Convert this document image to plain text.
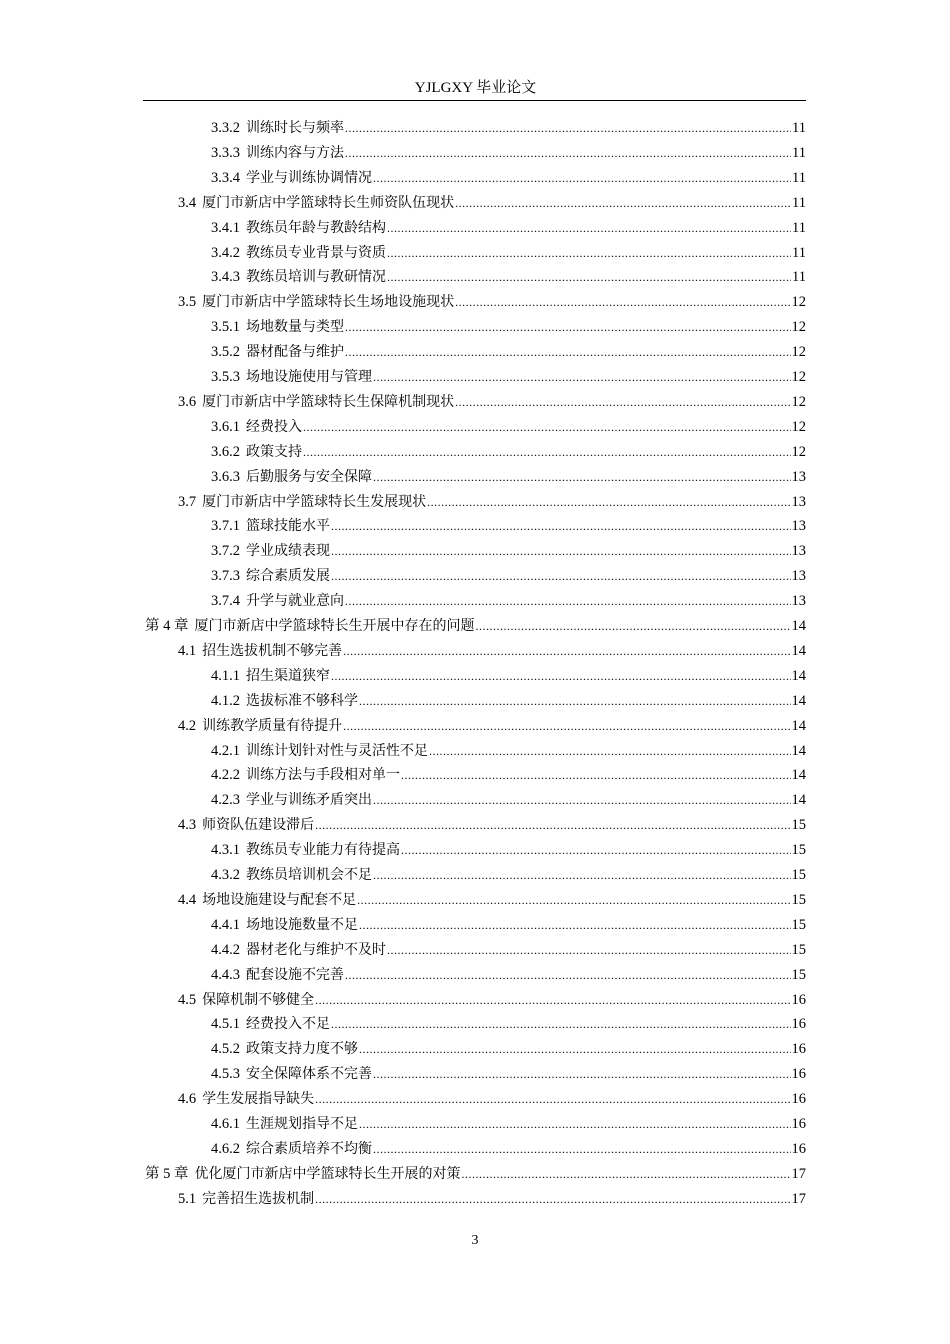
YJLGXY 毕业论文
3.3.2 训练时长与频率 .....	11
3.3.3 训练内容与方法 .....	11
3.3.4 学业与训练协调情况 .....	11
3.4 厦门市新店中学篮球特长生师资队伍现状 .....	11
3.4.1 教练员年龄与教龄结构 .....	11
3.4.2 教练员专业背景与资质 .....	11
3.4.3 教练员培训与教研情况 .....	11
3.5 厦门市新店中学篮球特长生场地设施现状 .....	12
3.5.1 场地数量与类型 .....	12
3.5.2 器材配备与维护 .....	12
3.5.3 场地设施使用与管理 .....	12
3.6 厦门市新店中学篮球特长生保障机制现状 .....	12
3.6.1 经费投入 .....	12
3.6.2 政策支持 .....	12
3.6.3 后勤服务与安全保障 .....	13
3.7 厦门市新店中学篮球特长生发展现状 .....	13
3.7.1 篮球技能水平 .....	13
3.7.2 学业成绩表现 .....	13
3.7.3 综合素质发展 .....	13
3.7.4 升学与就业意向 .....	13
第 4 章 厦门市新店中学篮球特长生开展中存在的问题 .....	14
4.1 招生选拔机制不够完善 .....	14
4.1.1 招生渠道狭窄 .....	14
4.1.2 选拔标准不够科学 .....	14
4.2 训练教学质量有待提升 .....	14
4.2.1 训练计划针对性与灵活性不足 .....	14
4.2.2 训练方法与手段相对单一 .....	14
4.2.3 学业与训练矛盾突出 .....	14
4.3 师资队伍建设滞后 .....	15
4.3.1 教练员专业能力有待提高 .....	15
4.3.2 教练员培训机会不足 .....	15
4.4 场地设施建设与配套不足 .....	15
4.4.1 场地设施数量不足 .....	15
4.4.2 器材老化与维护不及时 .....	15
4.4.3 配套设施不完善 .....	15
4.5 保障机制不够健全 .....	16
4.5.1 经费投入不足 .....	16
4.5.2 政策支持力度不够 .....	16
4.5.3 安全保障体系不完善 .....	16
4.6 学生发展指导缺失 .....	16
4.6.1 生涯规划指导不足 .....	16
4.6.2 综合素质培养不均衡 .....	16
第 5 章 优化厦门市新店中学篮球特长生开展的对策 .....	17
5.1 完善招生选拔机制 .....	17
3
